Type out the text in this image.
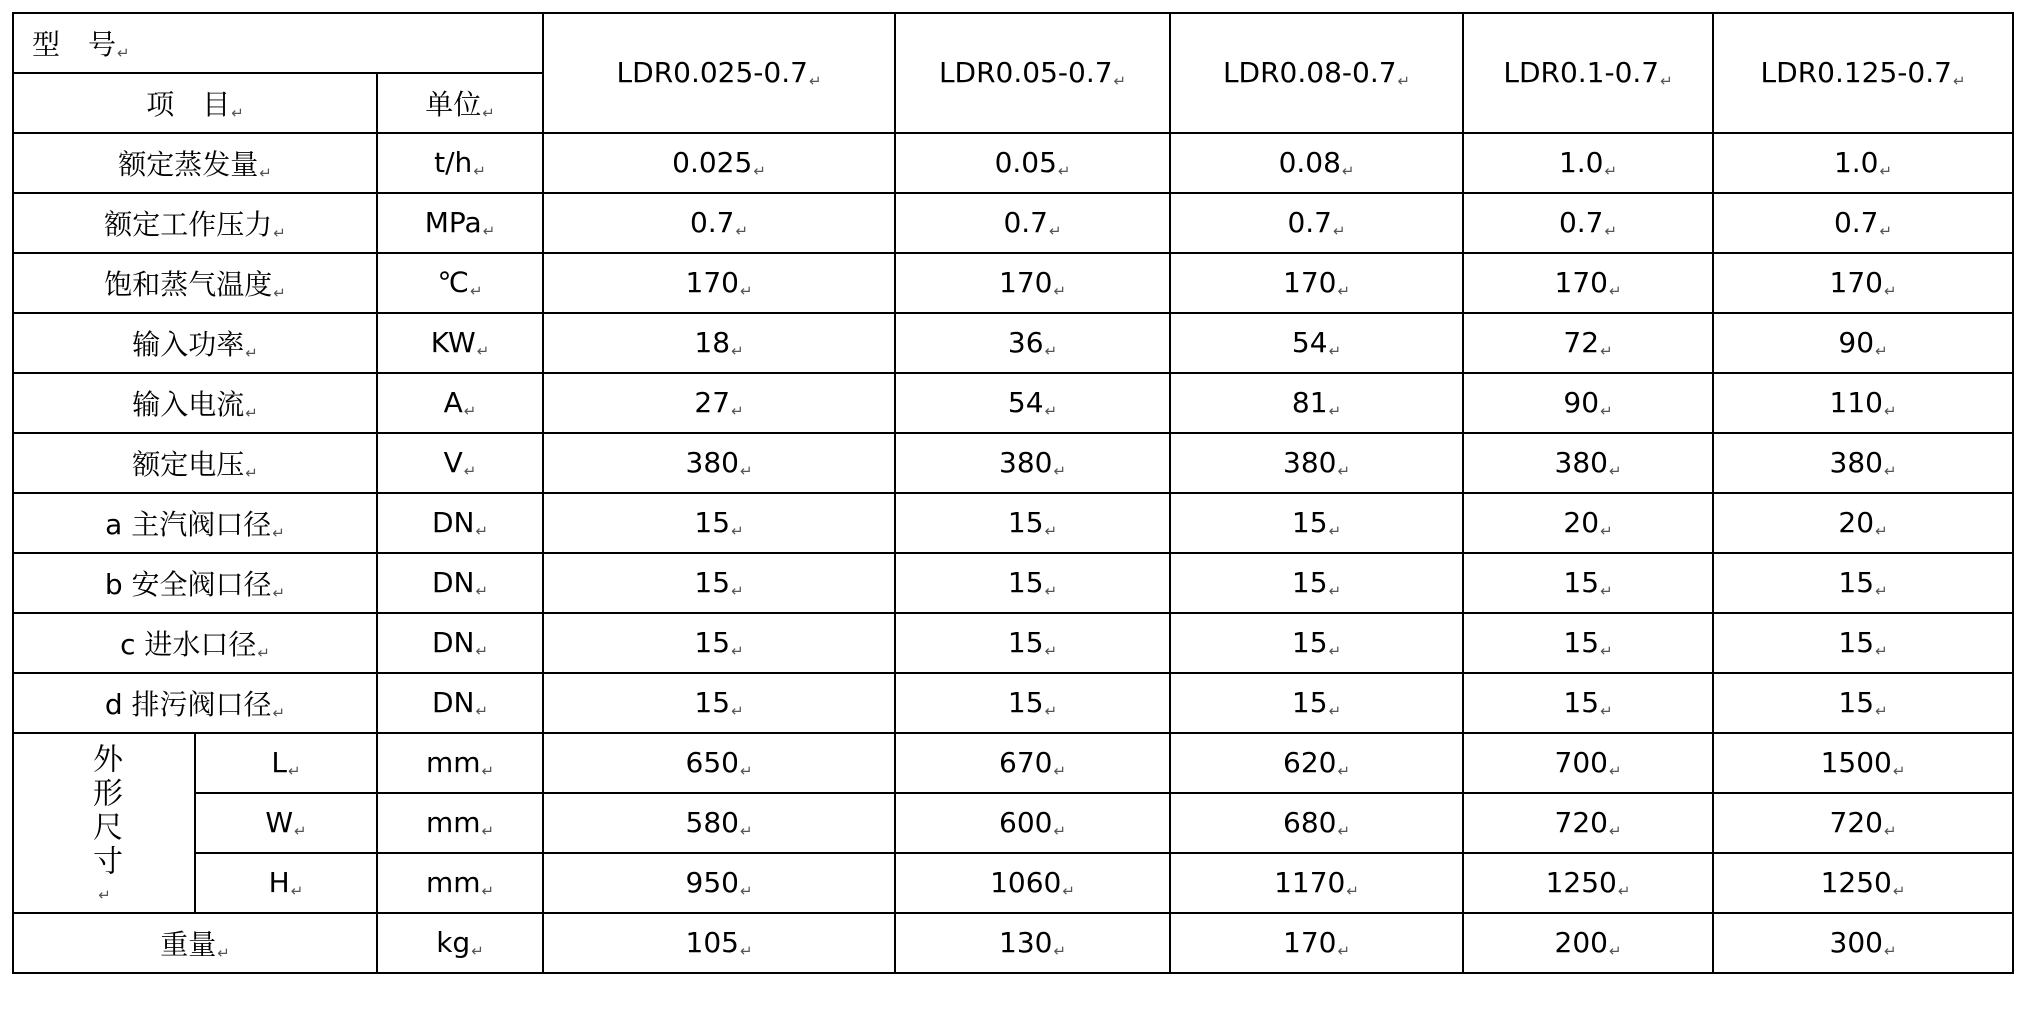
型　号↵			LDR0.025-0.7↵	LDR0.05-0.7↵	LDR0.08-0.7↵	LDR0.1-0.7↵	LDR0.125-0.7↵
项　目↵		单位↵					
额定蒸发量↵		t/h↵	0.025↵	0.05↵	0.08↵	1.0↵	1.0↵
额定工作压力↵		MPa↵	0.7↵	0.7↵	0.7↵	0.7↵	0.7↵
饱和蒸气温度↵		℃↵	170↵	170↵	170↵	170↵	170↵
输入功率↵		KW↵	18↵	36↵	54↵	72↵	90↵
输入电流↵		A↵	27↵	54↵	81↵	90↵	110↵
额定电压↵		V↵	380↵	380↵	380↵	380↵	380↵
a 主汽阀口径↵		DN↵	15↵	15↵	15↵	20↵	20↵
b 安全阀口径↵		DN↵	15↵	15↵	15↵	15↵	15↵
c 进水口径↵		DN↵	15↵	15↵	15↵	15↵	15↵
d 排污阀口径↵		DN↵	15↵	15↵	15↵	15↵	15↵
外形尺寸
↵	L↵	mm↵	650↵	670↵	620↵	700↵	1500↵
	W↵	mm↵	580↵	600↵	680↵	720↵	720↵
	H↵	mm↵	950↵	1060↵	1170↵	1250↵	1250↵
重量↵		kg↵	105↵	130↵	170↵	200↵	300↵
